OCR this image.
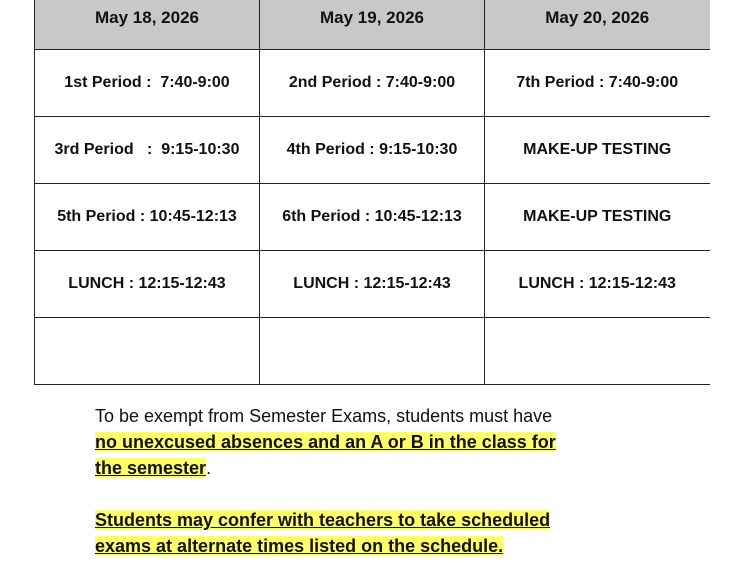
May 18, 2026	May 19, 2026	May 20, 2026
1st Period :  7:40-9:00	2nd Period : 7:40-9:00	7th Period : 7:40-9:00
3rd Period   :  9:15-10:30	4th Period : 9:15-10:30	MAKE-UP TESTING
5th Period : 10:45-12:13	6th Period : 10:45-12:13	MAKE-UP TESTING
LUNCH : 12:15-12:43	LUNCH : 12:15-12:43	LUNCH : 12:15-12:43

To be exempt from Semester Exams, students must have no unexcused absences and an A or B in the class for the semester.

Students may confer with teachers to take scheduled exams at alternate times listed on the schedule.
